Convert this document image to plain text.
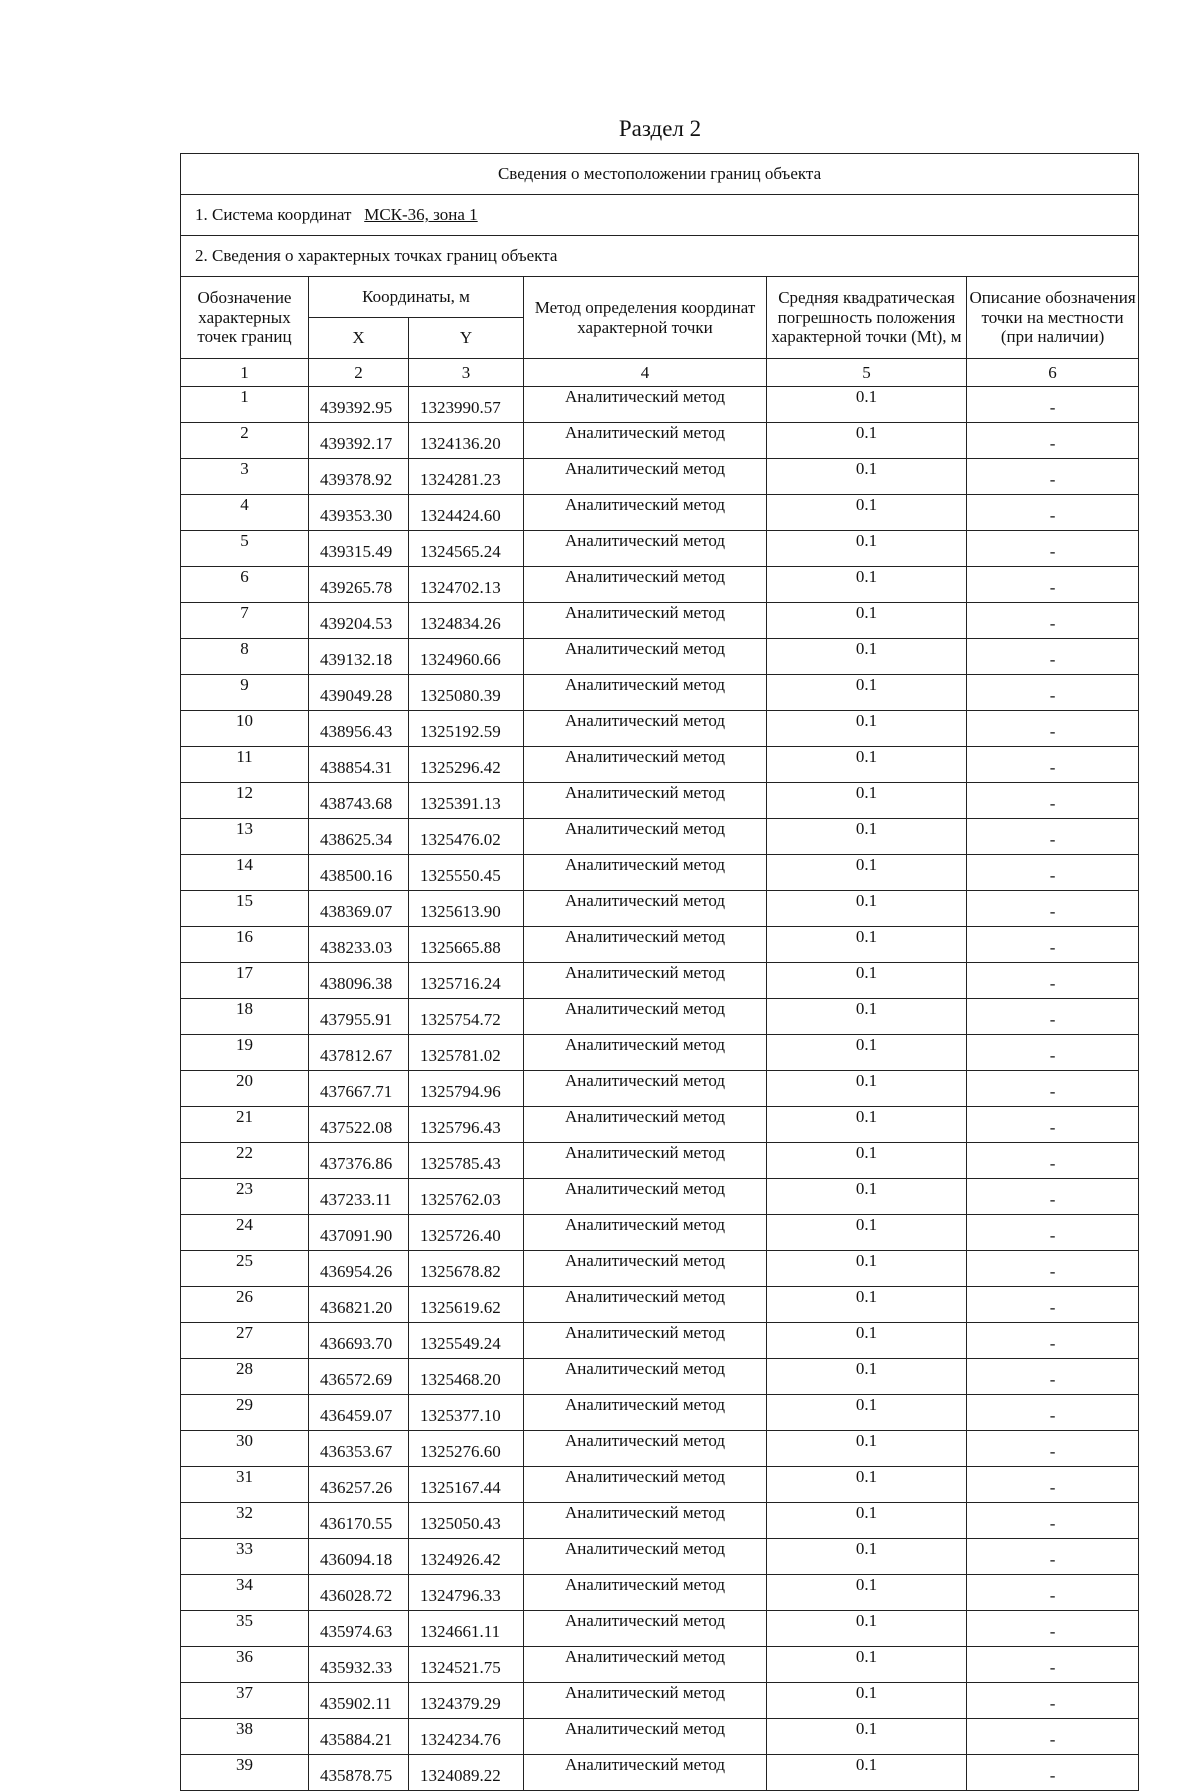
Раздел 2
Сведения о местоположении границ объекта					
1. Система координат МСК-36, зона 1					
2. Сведения о характерных точках границ объекта					
Обозначение характерных точек границ	Координаты, м		Метод определения координат характерной точки	Средняя квадратическая погрешность положения характерной точки (Mt), м	Описание обозначения точки на местности (при наличии)
	X	Y			
1	2	3	4	5	6
1	439392.95	1323990.57	Аналитический метод	0.1	-
2	439392.17	1324136.20	Аналитический метод	0.1	-
3	439378.92	1324281.23	Аналитический метод	0.1	-
4	439353.30	1324424.60	Аналитический метод	0.1	-
5	439315.49	1324565.24	Аналитический метод	0.1	-
6	439265.78	1324702.13	Аналитический метод	0.1	-
7	439204.53	1324834.26	Аналитический метод	0.1	-
8	439132.18	1324960.66	Аналитический метод	0.1	-
9	439049.28	1325080.39	Аналитический метод	0.1	-
10	438956.43	1325192.59	Аналитический метод	0.1	-
11	438854.31	1325296.42	Аналитический метод	0.1	-
12	438743.68	1325391.13	Аналитический метод	0.1	-
13	438625.34	1325476.02	Аналитический метод	0.1	-
14	438500.16	1325550.45	Аналитический метод	0.1	-
15	438369.07	1325613.90	Аналитический метод	0.1	-
16	438233.03	1325665.88	Аналитический метод	0.1	-
17	438096.38	1325716.24	Аналитический метод	0.1	-
18	437955.91	1325754.72	Аналитический метод	0.1	-
19	437812.67	1325781.02	Аналитический метод	0.1	-
20	437667.71	1325794.96	Аналитический метод	0.1	-
21	437522.08	1325796.43	Аналитический метод	0.1	-
22	437376.86	1325785.43	Аналитический метод	0.1	-
23	437233.11	1325762.03	Аналитический метод	0.1	-
24	437091.90	1325726.40	Аналитический метод	0.1	-
25	436954.26	1325678.82	Аналитический метод	0.1	-
26	436821.20	1325619.62	Аналитический метод	0.1	-
27	436693.70	1325549.24	Аналитический метод	0.1	-
28	436572.69	1325468.20	Аналитический метод	0.1	-
29	436459.07	1325377.10	Аналитический метод	0.1	-
30	436353.67	1325276.60	Аналитический метод	0.1	-
31	436257.26	1325167.44	Аналитический метод	0.1	-
32	436170.55	1325050.43	Аналитический метод	0.1	-
33	436094.18	1324926.42	Аналитический метод	0.1	-
34	436028.72	1324796.33	Аналитический метод	0.1	-
35	435974.63	1324661.11	Аналитический метод	0.1	-
36	435932.33	1324521.75	Аналитический метод	0.1	-
37	435902.11	1324379.29	Аналитический метод	0.1	-
38	435884.21	1324234.76	Аналитический метод	0.1	-
39	435878.75	1324089.22	Аналитический метод	0.1	-
